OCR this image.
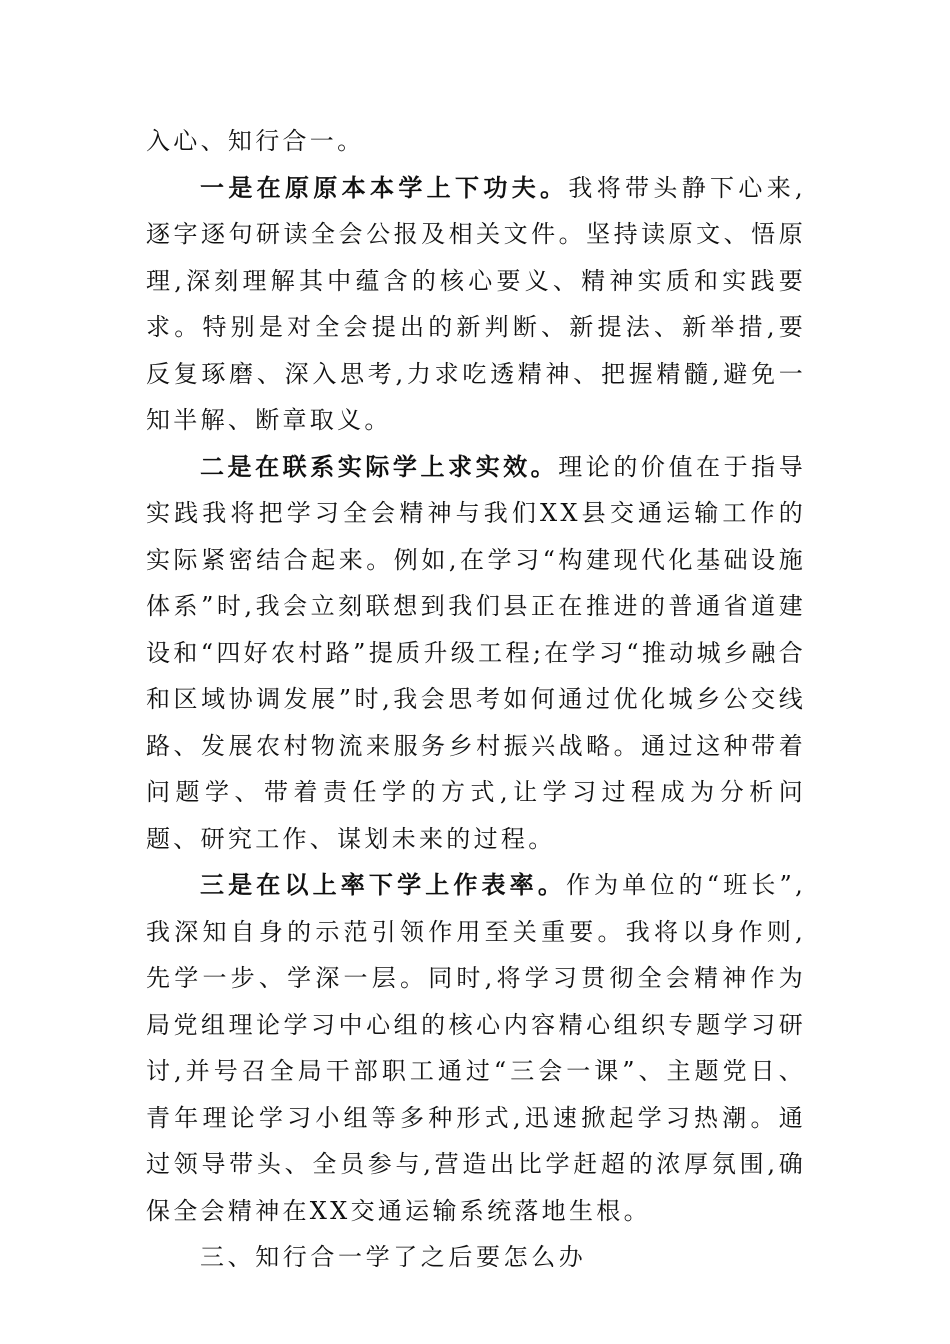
入心、知行合一。

一是在原原本本学上下功夫。我将带头静下心来,逐字逐句研读全会公报及相关文件。坚持读原文、悟原理,深刻理解其中蕴含的核心要义、精神实质和实践要求。特别是对全会提出的新判断、新提法、新举措,要反复琢磨、深入思考,力求吃透精神、把握精髓,避免一知半解、断章取义。

二是在联系实际学上求实效。理论的价值在于指导实践我将把学习全会精神与我们XX县交通运输工作的实际紧密结合起来。例如,在学习“构建现代化基础设施体系”时,我会立刻联想到我们县正在推进的普通省道建设和“四好农村路”提质升级工程;在学习“推动城乡融合和区域协调发展”时,我会思考如何通过优化城乡公交线路、发展农村物流来服务乡村振兴战略。通过这种带着问题学、带着责任学的方式,让学习过程成为分析问题、研究工作、谋划未来的过程。

三是在以上率下学上作表率。作为单位的“班长”,我深知自身的示范引领作用至关重要。我将以身作则,先学一步、学深一层。同时,将学习贯彻全会精神作为局党组理论学习中心组的核心内容精心组织专题学习研讨,并号召全局干部职工通过“三会一课”、主题党日、青年理论学习小组等多种形式,迅速掀起学习热潮。通过领导带头、全员参与,营造出比学赶超的浓厚氛围,确保全会精神在XX交通运输系统落地生根。

三、知行合一学了之后要怎么办
